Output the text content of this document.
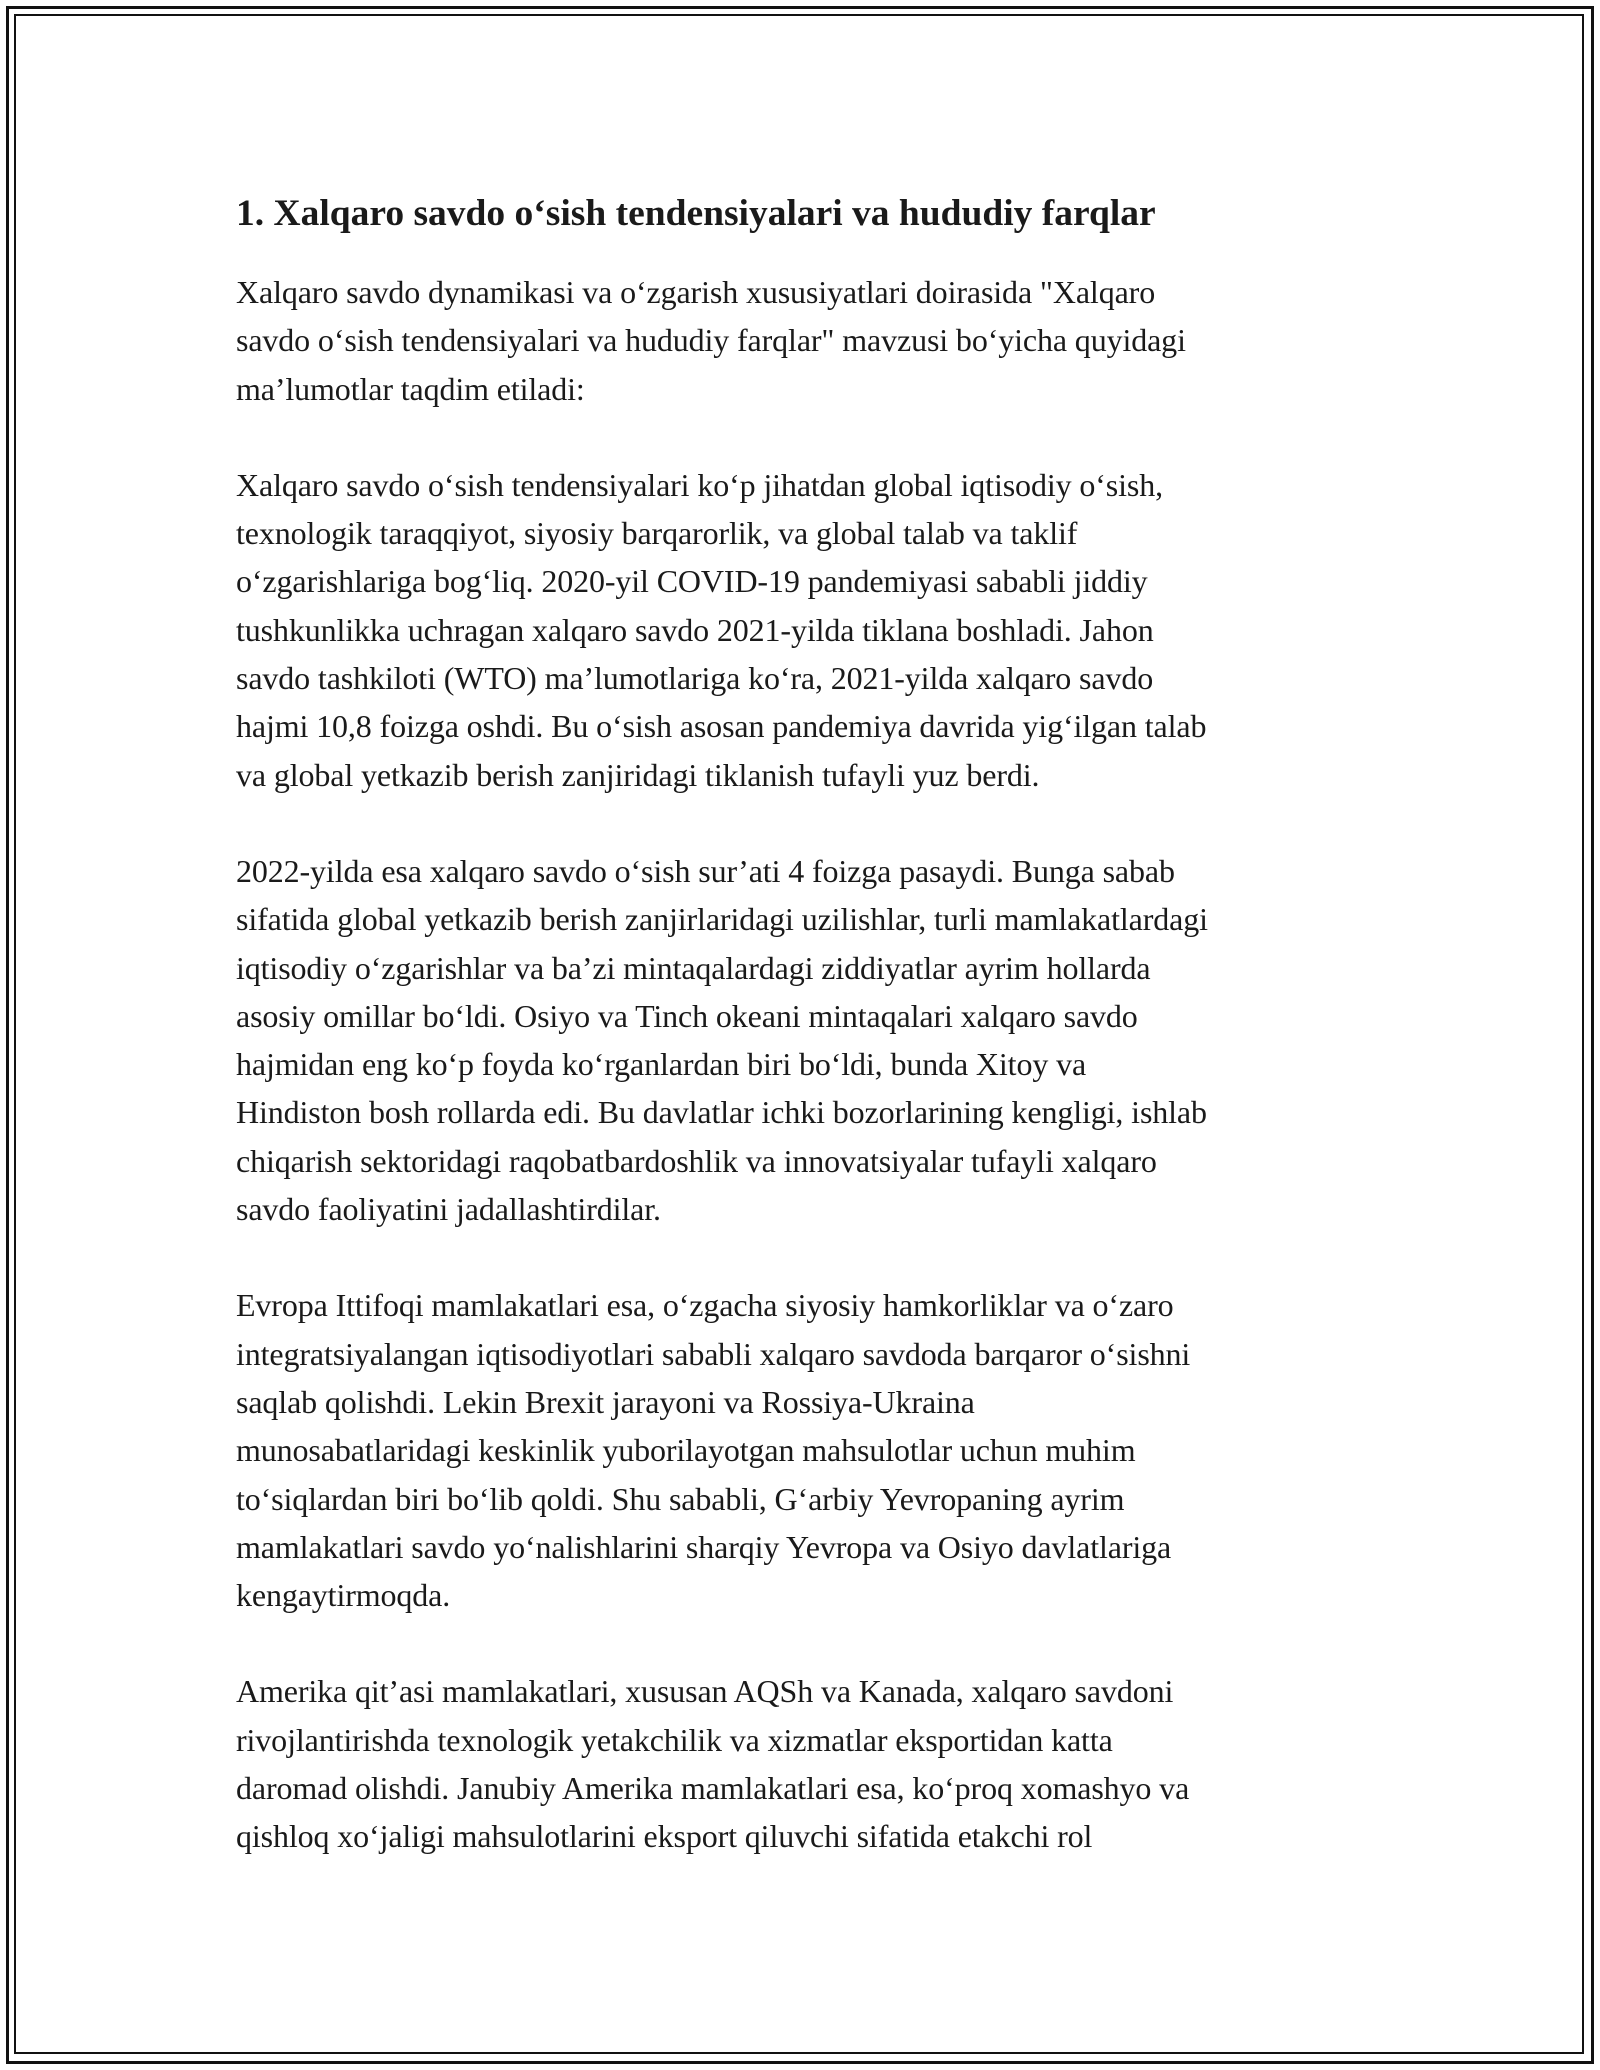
1. Xalqaro savdo o‘sish tendensiyalari va hududiy farqlar

Xalqaro savdo dynamikasi va o‘zgarish xususiyatlari doirasida "Xalqaro
savdo o‘sish tendensiyalari va hududiy farqlar" mavzusi bo‘yicha quyidagi
ma’lumotlar taqdim etiladi:

Xalqaro savdo o‘sish tendensiyalari ko‘p jihatdan global iqtisodiy o‘sish,
texnologik taraqqiyot, siyosiy barqarorlik, va global talab va taklif
o‘zgarishlariga bog‘liq. 2020-yil COVID-19 pandemiyasi sababli jiddiy
tushkunlikka uchragan xalqaro savdo 2021-yilda tiklana boshladi. Jahon
savdo tashkiloti (WTO) ma’lumotlariga ko‘ra, 2021-yilda xalqaro savdo
hajmi 10,8 foizga oshdi. Bu o‘sish asosan pandemiya davrida yig‘ilgan talab
va global yetkazib berish zanjiridagi tiklanish tufayli yuz berdi.

2022-yilda esa xalqaro savdo o‘sish sur’ati 4 foizga pasaydi. Bunga sabab
sifatida global yetkazib berish zanjirlaridagi uzilishlar, turli mamlakatlardagi
iqtisodiy o‘zgarishlar va ba’zi mintaqalardagi ziddiyatlar ayrim hollarda
asosiy omillar bo‘ldi. Osiyo va Tinch okeani mintaqalari xalqaro savdo
hajmidan eng ko‘p foyda ko‘rganlardan biri bo‘ldi, bunda Xitoy va
Hindiston bosh rollarda edi. Bu davlatlar ichki bozorlarining kengligi, ishlab
chiqarish sektoridagi raqobatbardoshlik va innovatsiyalar tufayli xalqaro
savdo faoliyatini jadallashtirdilar.

Evropa Ittifoqi mamlakatlari esa, o‘zgacha siyosiy hamkorliklar va o‘zaro
integratsiyalangan iqtisodiyotlari sababli xalqaro savdoda barqaror o‘sishni
saqlab qolishdi. Lekin Brexit jarayoni va Rossiya-Ukraina
munosabatlaridagi keskinlik yuborilayotgan mahsulotlar uchun muhim
to‘siqlardan biri bo‘lib qoldi. Shu sababli, G‘arbiy Yevropaning ayrim
mamlakatlari savdo yo‘nalishlarini sharqiy Yevropa va Osiyo davlatlariga
kengaytirmoqda.

Amerika qit’asi mamlakatlari, xususan AQSh va Kanada, xalqaro savdoni
rivojlantirishda texnologik yetakchilik va xizmatlar eksportidan katta
daromad olishdi. Janubiy Amerika mamlakatlari esa, ko‘proq xomashyo va
qishloq xo‘jaligi mahsulotlarini eksport qiluvchi sifatida etakchi rol
